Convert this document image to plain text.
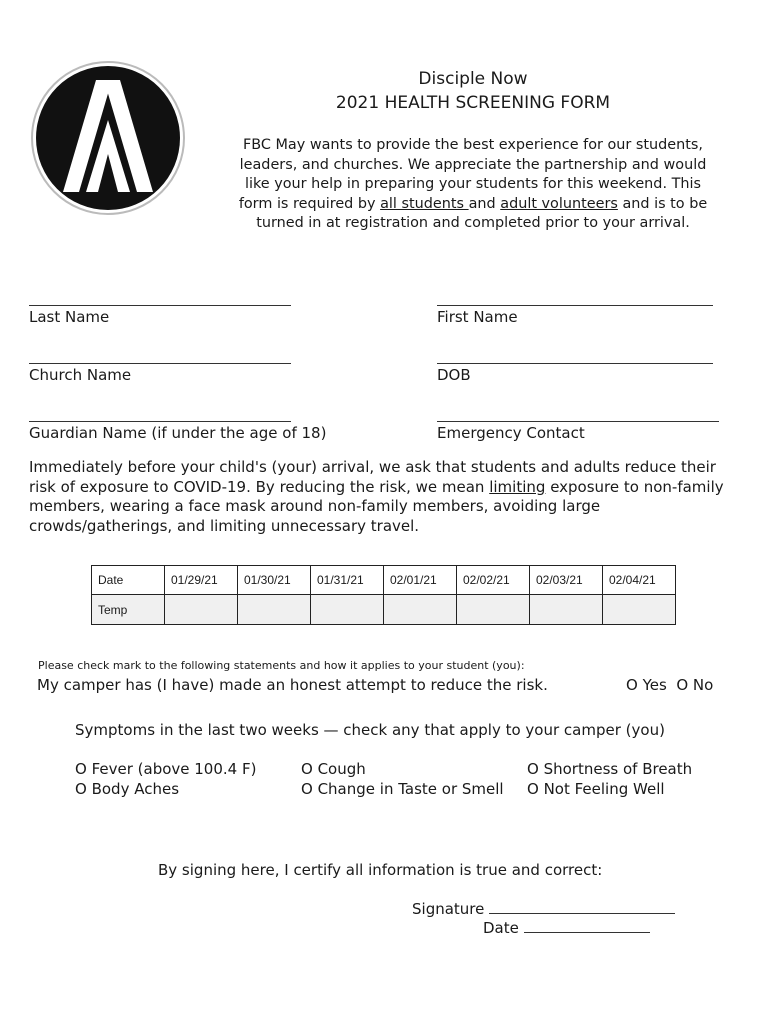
Disciple Now
2021 HEALTH SCREENING FORM
FBC May wants to provide the best experience for our students, leaders, and churches. We appreciate the partnership and would like your help in preparing your students for this weekend. This form is required by all students and adult volunteers and is to be turned in at registration and completed prior to your arrival.
Last Name	First Name
Church Name	DOB
Guardian Name (if under the age of 18)	Emergency Contact
Immediately before your child's (your) arrival, we ask that students and adults reduce their risk of exposure to COVID-19. By reducing the risk, we mean limiting exposure to non-family members, wearing a face mask around non-family members, avoiding large crowds/gatherings, and limiting unnecessary travel.
Date	01/29/21	01/30/21	01/31/21	02/01/21	02/02/21	02/03/21	02/04/21
Temp							
Please check mark to the following statements and how it applies to your student (you):
My camper has (I have) made an honest attempt to reduce the risk.	O Yes O No
Symptoms in the last two weeks — check any that apply to your camper (you)
O Fever (above 100.4 F)
O Body Aches
O Cough
O Change in Taste or Smell
O Shortness of Breath
O Not Feeling Well
By signing here, I certify all information is true and correct:
Signature
Date
